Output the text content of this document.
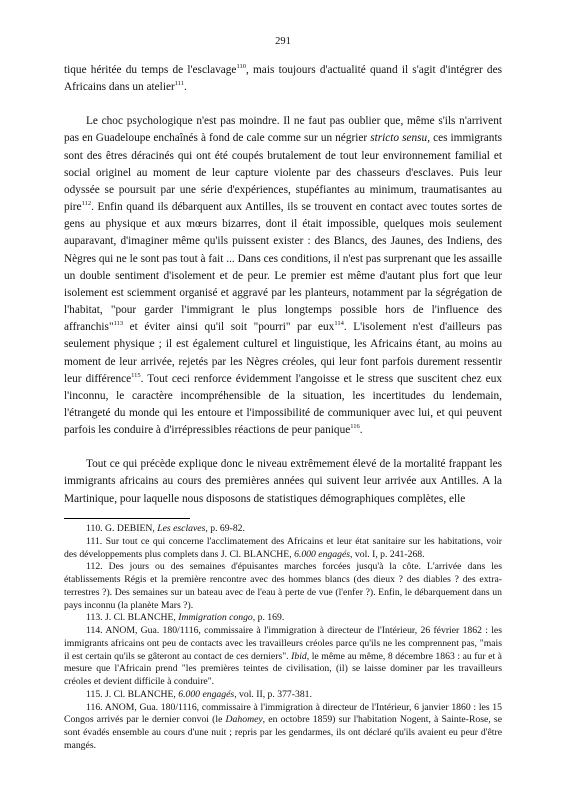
291

tique héritée du temps de l'esclavage$^{110}$, mais toujours d'actualité quand il s'agit d'intégrer des Africains dans un atelier$^{111}$.

Le choc psychologique n'est pas moindre. Il ne faut pas oublier que, même s'ils n'arrivent pas en Guadeloupe enchaînés à fond de cale comme sur un négrier stricto sensu, ces immigrants sont des êtres déracinés qui ont été coupés brutalement de tout leur environnement familial et social originel au moment de leur capture violente par des chasseurs d'esclaves. Puis leur odyssée se poursuit par une série d'expériences, stupéfiantes au minimum, traumatisantes au pire$^{112}$. Enfin quand ils débarquent aux Antilles, ils se trouvent en contact avec toutes sortes de gens au physique et aux mœurs bizarres, dont il était impossible, quelques mois seulement auparavant, d'imaginer même qu'ils puissent exister : des Blancs, des Jaunes, des Indiens, des Nègres qui ne le sont pas tout à fait ... Dans ces conditions, il n'est pas surprenant que les assaille un double sentiment d'isolement et de peur. Le premier est même d'autant plus fort que leur isolement est sciemment organisé et aggravé par les planteurs, notamment par la ségrégation de l'habitat, "pour garder l'immigrant le plus longtemps possible hors de l'influence des affranchis"$^{113}$ et éviter ainsi qu'il soit "pourri" par eux$^{114}$. L'isolement n'est d'ailleurs pas seulement physique ; il est également culturel et linguistique, les Africains étant, au moins au moment de leur arrivée, rejetés par les Nègres créoles, qui leur font parfois durement ressentir leur différence$^{115}$. Tout ceci renforce évidemment l'angoisse et le stress que suscitent chez eux l'inconnu, le caractère incompréhensible de la situation, les incertitudes du lendemain, l'étrangeté du monde qui les entoure et l'impossibilité de communiquer avec lui, et qui peuvent parfois les conduire à d'irrépressibles réactions de peur panique$^{116}$.

Tout ce qui précède explique donc le niveau extrêmement élevé de la mortalité frappant les immigrants africains au cours des premières années qui suivent leur arrivée aux Antilles. A la Martinique, pour laquelle nous disposons de statistiques démographiques complètes, elle

110. G. DEBIEN, Les esclaves, p. 69-82.

111. Sur tout ce qui concerne l'acclimatement des Africains et leur état sanitaire sur les habitations, voir des développements plus complets dans J. Cl. BLANCHE, 6.000 engagés, vol. I, p. 241-268.

112. Des jours ou des semaines d'épuisantes marches forcées jusqu'à la côte. L'arrivée dans les établissements Régis et la première rencontre avec des hommes blancs (des dieux ? des diables ? des extra-terrestres ?). Des semaines sur un bateau avec de l'eau à perte de vue (l'enfer ?). Enfin, le débarquement dans un pays inconnu (la planète Mars ?).

113. J. Cl. BLANCHE, Immigration congo, p. 169.

114. ANOM, Gua. 180/1116, commissaire à l'immigration à directeur de l'Intérieur, 26 février 1862 : les immigrants africains ont peu de contacts avec les travailleurs créoles parce qu'ils ne les comprennent pas, "mais il est certain qu'ils se gâteront au contact de ces derniers". Ibid, le même au même, 8 décembre 1863 : au fur et à mesure que l'Africain prend "les premières teintes de civilisation, (il) se laisse dominer par les travailleurs créoles et devient difficile à conduire".

115. J. Cl. BLANCHE, 6.000 engagés, vol. II, p. 377-381.

116. ANOM, Gua. 180/1116, commissaire à l'immigration à directeur de l'Intérieur, 6 janvier 1860 : les 15 Congos arrivés par le dernier convoi (le Dahomey, en octobre 1859) sur l'habitation Nogent, à Sainte-Rose, se sont évadés ensemble au cours d'une nuit ; repris par les gendarmes, ils ont déclaré qu'ils avaient eu peur d'être mangés.
